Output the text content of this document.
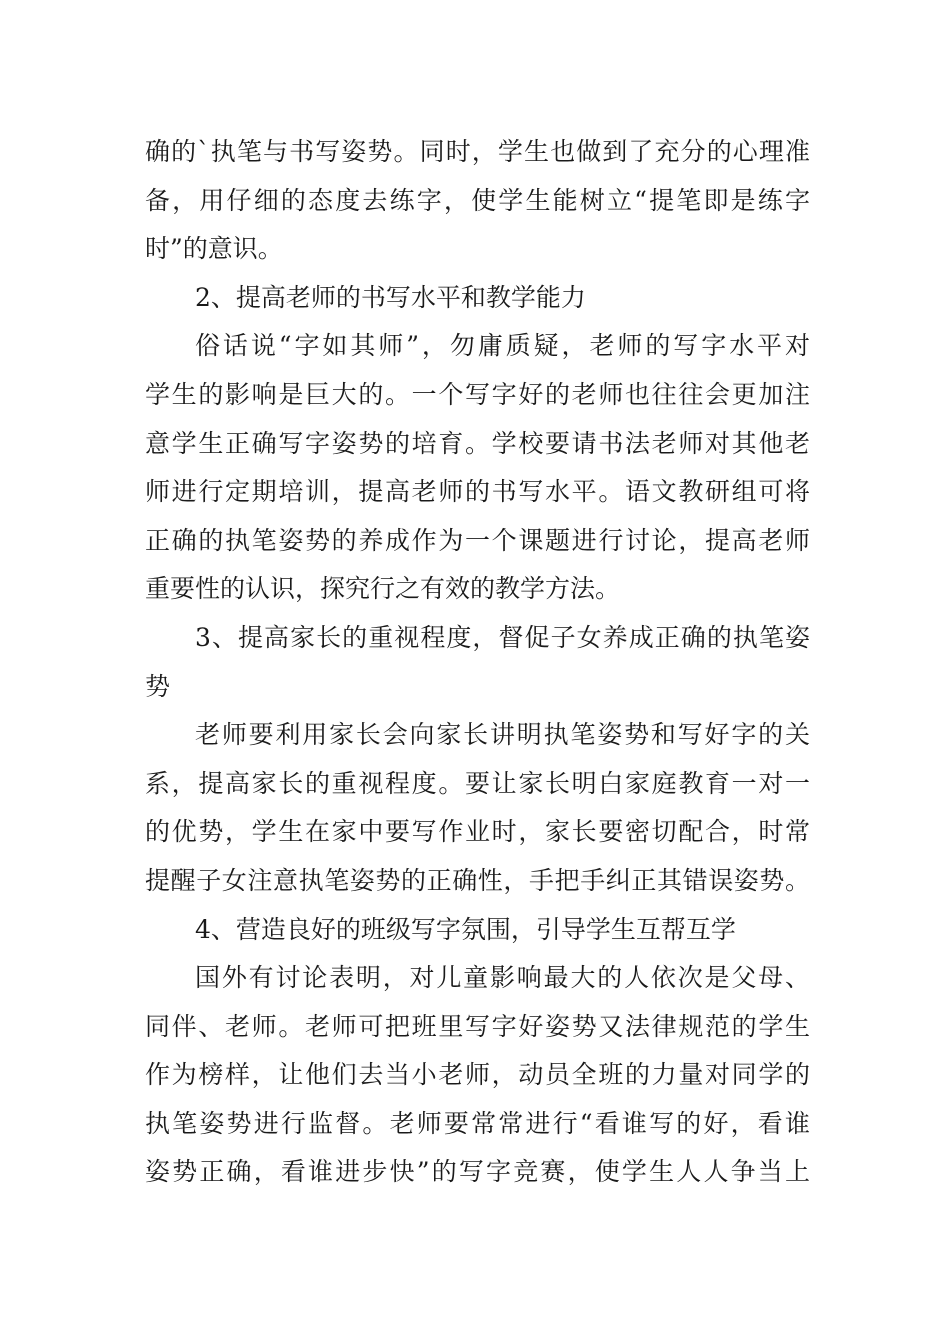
确的`执笔与书写姿势。同时，学生也做到了充分的心理准
备，用仔细的态度去练字，使学生能树立“提笔即是练字
时”的意识。
2、提高老师的书写水平和教学能力
俗话说“字如其师”，勿庸质疑，老师的写字水平对
学生的影响是巨大的。一个写字好的老师也往往会更加注
意学生正确写字姿势的培育。学校要请书法老师对其他老
师进行定期培训，提高老师的书写水平。语文教研组可将
正确的执笔姿势的养成作为一个课题进行讨论，提高老师
重要性的认识，探究行之有效的教学方法。
3、提高家长的重视程度，督促子女养成正确的执笔姿
势
老师要利用家长会向家长讲明执笔姿势和写好字的关
系，提高家长的重视程度。要让家长明白家庭教育一对一
的优势，学生在家中要写作业时，家长要密切配合，时常
提醒子女注意执笔姿势的正确性，手把手纠正其错误姿势。
4、营造良好的班级写字氛围，引导学生互帮互学
国外有讨论表明，对儿童影响最大的人依次是父母、
同伴、老师。老师可把班里写字好姿势又法律规范的学生
作为榜样，让他们去当小老师，动员全班的力量对同学的
执笔姿势进行监督。老师要常常进行“看谁写的好，看谁
姿势正确，看谁进步快”的写字竞赛，使学生人人争当上
